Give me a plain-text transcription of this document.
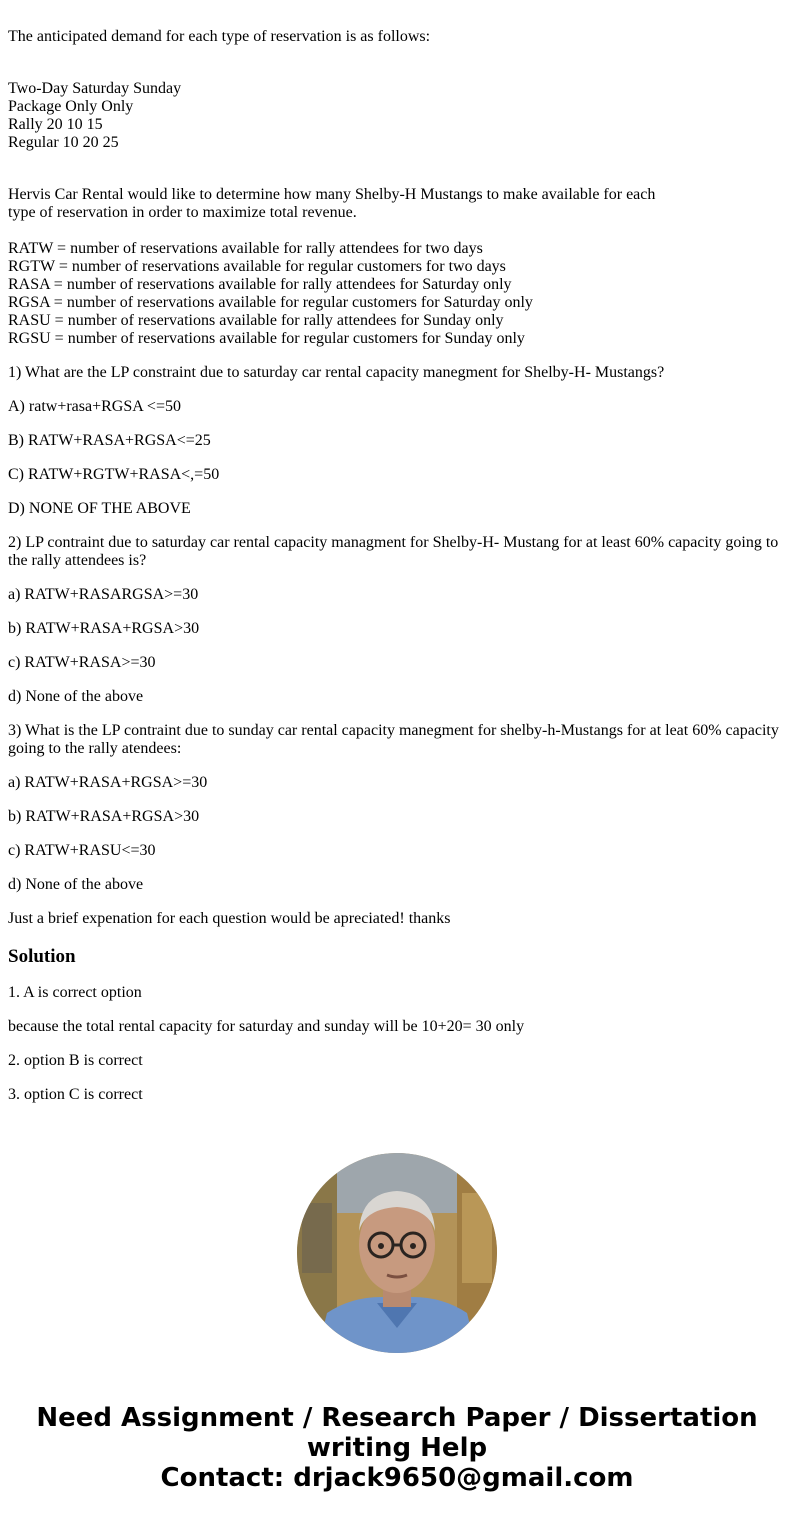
The anticipated demand for each type of reservation is as follows:

Two-Day Saturday Sunday
Package Only Only
Rally 20 10 15
Regular 10 20 25
Hervis Car Rental would like to determine how many Shelby-H Mustangs to make available for each
type of reservation in order to maximize total revenue.
RATW = number of reservations available for rally attendees for two days
RGTW = number of reservations available for regular customers for two days
RASA = number of reservations available for rally attendees for Saturday only
RGSA = number of reservations available for regular customers for Saturday only
RASU = number of reservations available for rally attendees for Sunday only
RGSU = number of reservations available for regular customers for Sunday only

1) What are the LP constraint due to saturday car rental capacity manegment for Shelby-H- Mustangs?

A) ratw+rasa+RGSA <=50

B) RATW+RASA+RGSA<=25

C) RATW+RGTW+RASA<,=50

D) NONE OF THE ABOVE

2) LP contraint due to saturday car rental capacity managment for Shelby-H- Mustang for at least 60% capacity going to the rally attendees is?

a) RATW+RASARGSA>=30

b) RATW+RASA+RGSA>30

c) RATW+RASA>=30

d) None of the above

3) What is the LP contraint due to sunday car rental capacity manegment for shelby-h-Mustangs for at leat 60% capacity going to the rally atendees:

a) RATW+RASA+RGSA>=30

b) RATW+RASA+RGSA>30

c) RATW+RASU<=30

d) None of the above

Just a brief expenation for each question would be apreciated! thanks

Solution

1. A is correct option

because the total rental capacity for saturday and sunday will be 10+20= 30 only

2. option B is correct

3. option C is correct

Need Assignment / Research Paper / Dissertation
writing Help
Contact: drjack9650@gmail.com
